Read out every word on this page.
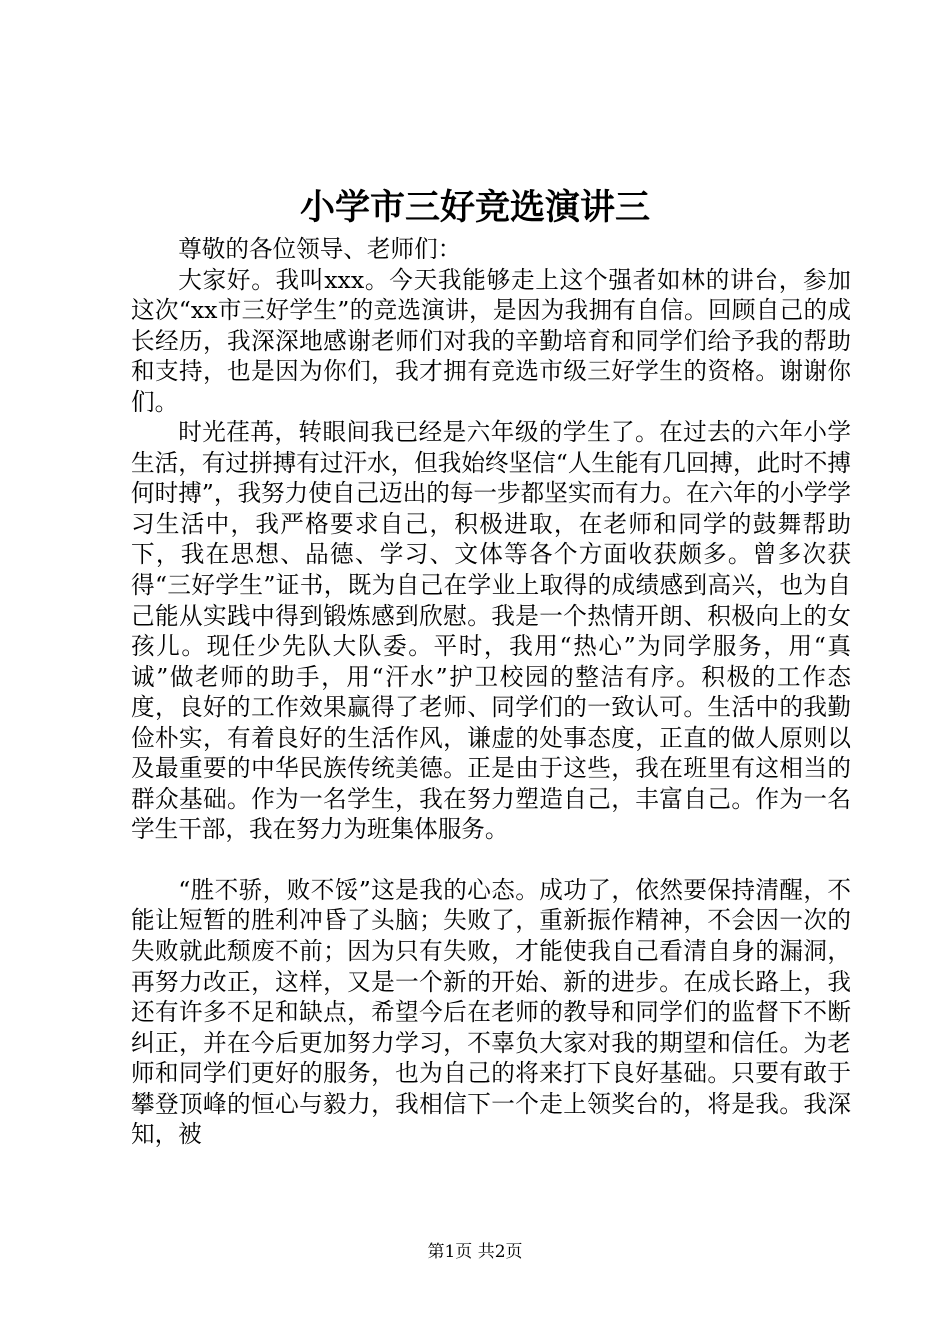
小学市三好竞选演讲三

尊敬的各位领导、老师们：

大家好。我叫xxx。今天我能够走上这个强者如林的讲台，参加这次“xx市三好学生”的竞选演讲，是因为我拥有自信。回顾自己的成长经历，我深深地感谢老师们对我的辛勤培育和同学们给予我的帮助和支持，也是因为你们，我才拥有竞选市级三好学生的资格。谢谢你们。

时光荏苒，转眼间我已经是六年级的学生了。在过去的六年小学生活，有过拼搏有过汗水，但我始终坚信“人生能有几回搏，此时不搏何时搏”，我努力使自己迈出的每一步都坚实而有力。在六年的小学学习生活中，我严格要求自己，积极进取，在老师和同学的鼓舞帮助下，我在思想、品德、学习、文体等各个方面收获颇多。曾多次获得“三好学生”证书，既为自己在学业上取得的成绩感到高兴，也为自己能从实践中得到锻炼感到欣慰。我是一个热情开朗、积极向上的女孩儿。现任少先队大队委。平时，我用“热心”为同学服务，用“真诚”做老师的助手，用“汗水”护卫校园的整洁有序。积极的工作态度，良好的工作效果赢得了老师、同学们的一致认可。生活中的我勤俭朴实，有着良好的生活作风，谦虚的处事态度，正直的做人原则以及最重要的中华民族传统美德。正是由于这些，我在班里有这相当的群众基础。作为一名学生，我在努力塑造自己，丰富自己。作为一名学生干部，我在努力为班集体服务。

“胜不骄，败不馁”这是我的心态。成功了，依然要保持清醒，不能让短暂的胜利冲昏了头脑；失败了，重新振作精神，不会因一次的失败就此颓废不前；因为只有失败，才能使我自己看清自身的漏洞，再努力改正，这样，又是一个新的开始、新的进步。在成长路上，我还有许多不足和缺点，希望今后在老师的教导和同学们的监督下不断纠正，并在今后更加努力学习，不辜负大家对我的期望和信任。为老师和同学们更好的服务，也为自己的将来打下良好基础。只要有敢于攀登顶峰的恒心与毅力，我相信下一个走上领奖台的，将是我。我深知，被

第1页 共2页
